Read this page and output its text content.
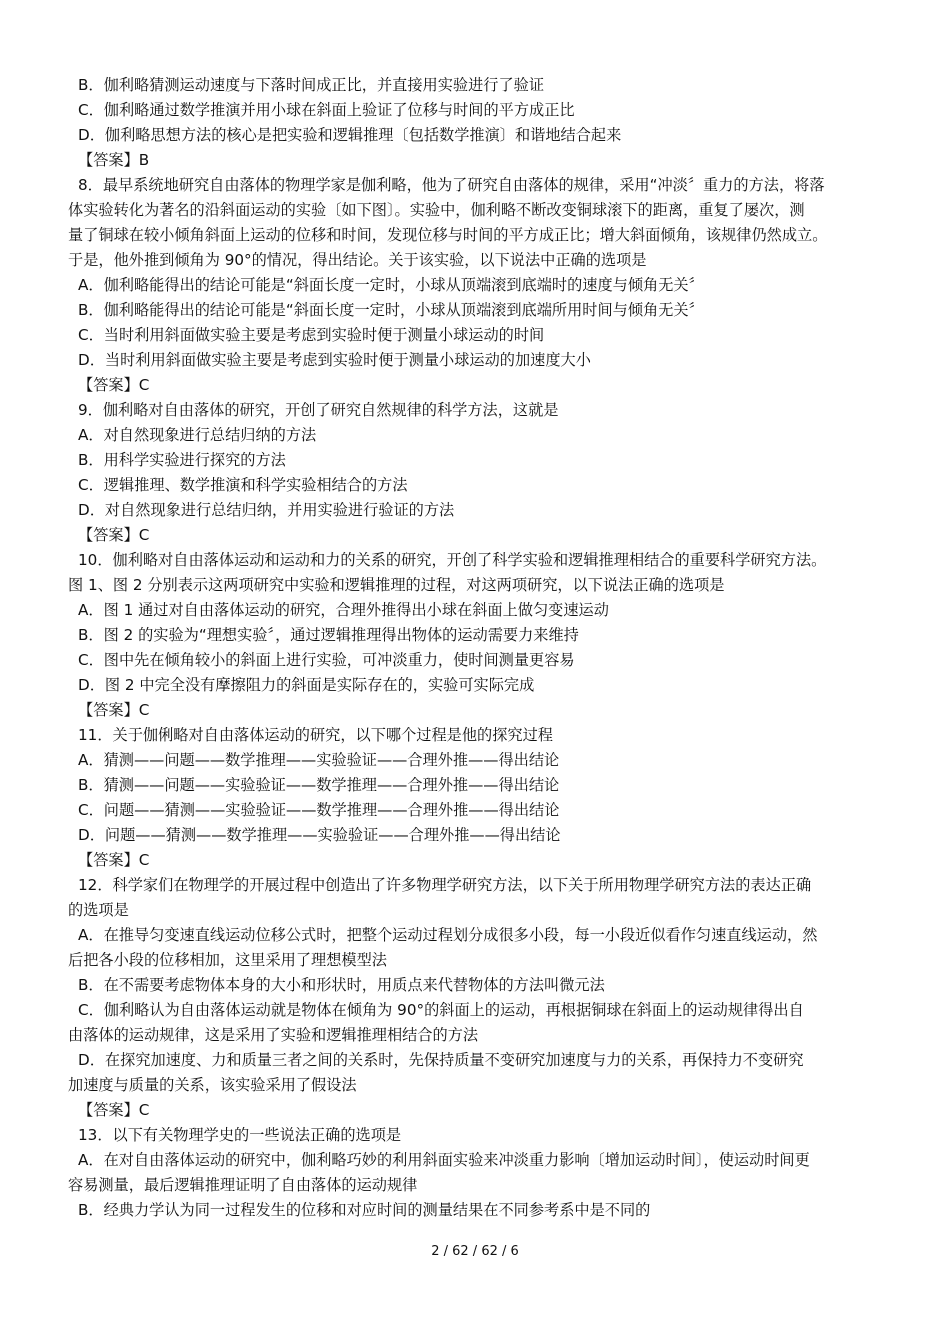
B．伽利略猜测运动速度与下落时间成正比，并直接用实验进行了验证
C．伽利略通过数学推演并用小球在斜面上验证了位移与时间的平方成正比
D．伽利略思想方法的核心是把实验和逻辑推理〔包括数学推演〕和谐地结合起来
【答案】B
8．最早系统地研究自由落体的物理学家是伽利略，他为了研究自由落体的规律，采用“冲淡〞重力的方法，将落
体实验转化为著名的沿斜面运动的实验〔如下图〕。实验中，伽利略不断改变铜球滚下的距离，重复了屡次，测
量了铜球在较小倾角斜面上运动的位移和时间，发现位移与时间的平方成正比；增大斜面倾角，该规律仍然成立。
于是，他外推到倾角为 90°的情况，得出结论。关于该实验，以下说法中正确的选项是
A．伽利略能得出的结论可能是“斜面长度一定时，小球从顶端滚到底端时的速度与倾角无关〞
B．伽利略能得出的结论可能是“斜面长度一定时，小球从顶端滚到底端所用时间与倾角无关〞
C．当时利用斜面做实验主要是考虑到实验时便于测量小球运动的时间
D．当时利用斜面做实验主要是考虑到实验时便于测量小球运动的加速度大小
【答案】C
9．伽利略对自由落体的研究，开创了研究自然规律的科学方法，这就是
A．对自然现象进行总结归纳的方法
B．用科学实验进行探究的方法
C．逻辑推理、数学推演和科学实验相结合的方法
D．对自然现象进行总结归纳，并用实验进行验证的方法
【答案】C
10．伽利略对自由落体运动和运动和力的关系的研究，开创了科学实验和逻辑推理相结合的重要科学研究方法。
图 1、图 2 分别表示这两项研究中实验和逻辑推理的过程，对这两项研究，以下说法正确的选项是
A．图 1 通过对自由落体运动的研究，合理外推得出小球在斜面上做匀变速运动
B．图 2 的实验为“理想实验〞，通过逻辑推理得出物体的运动需要力来维持
C．图中先在倾角较小的斜面上进行实验，可冲淡重力，使时间测量更容易
D．图 2 中完全没有摩擦阻力的斜面是实际存在的，实验可实际完成
【答案】C
11．关于伽俐略对自由落体运动的研究，以下哪个过程是他的探究过程
A．猜测——问题——数学推理——实验验证——合理外推——得出结论
B．猜测——问题——实验验证——数学推理——合理外推——得出结论
C．问题——猜测——实验验证——数学推理——合理外推——得出结论
D．问题——猜测——数学推理——实验验证——合理外推——得出结论
【答案】C
12．科学家们在物理学的开展过程中创造出了许多物理学研究方法，以下关于所用物理学研究方法的表达正确
的选项是
A．在推导匀变速直线运动位移公式时，把整个运动过程划分成很多小段，每一小段近似看作匀速直线运动，然
后把各小段的位移相加，这里采用了理想模型法
B．在不需要考虑物体本身的大小和形状时，用质点来代替物体的方法叫微元法
C．伽利略认为自由落体运动就是物体在倾角为 90°的斜面上的运动，再根据铜球在斜面上的运动规律得出自
由落体的运动规律，这是采用了实验和逻辑推理相结合的方法
D．在探究加速度、力和质量三者之间的关系时，先保持质量不变研究加速度与力的关系，再保持力不变研究
加速度与质量的关系，该实验采用了假设法
【答案】C
13．以下有关物理学史的一些说法正确的选项是
A．在对自由落体运动的研究中，伽利略巧妙的利用斜面实验来冲淡重力影响〔增加运动时间〕，使运动时间更
容易测量，最后逻辑推理证明了自由落体的运动规律
B．经典力学认为同一过程发生的位移和对应时间的测量结果在不同参考系中是不同的
2 / 62 / 62 / 6
